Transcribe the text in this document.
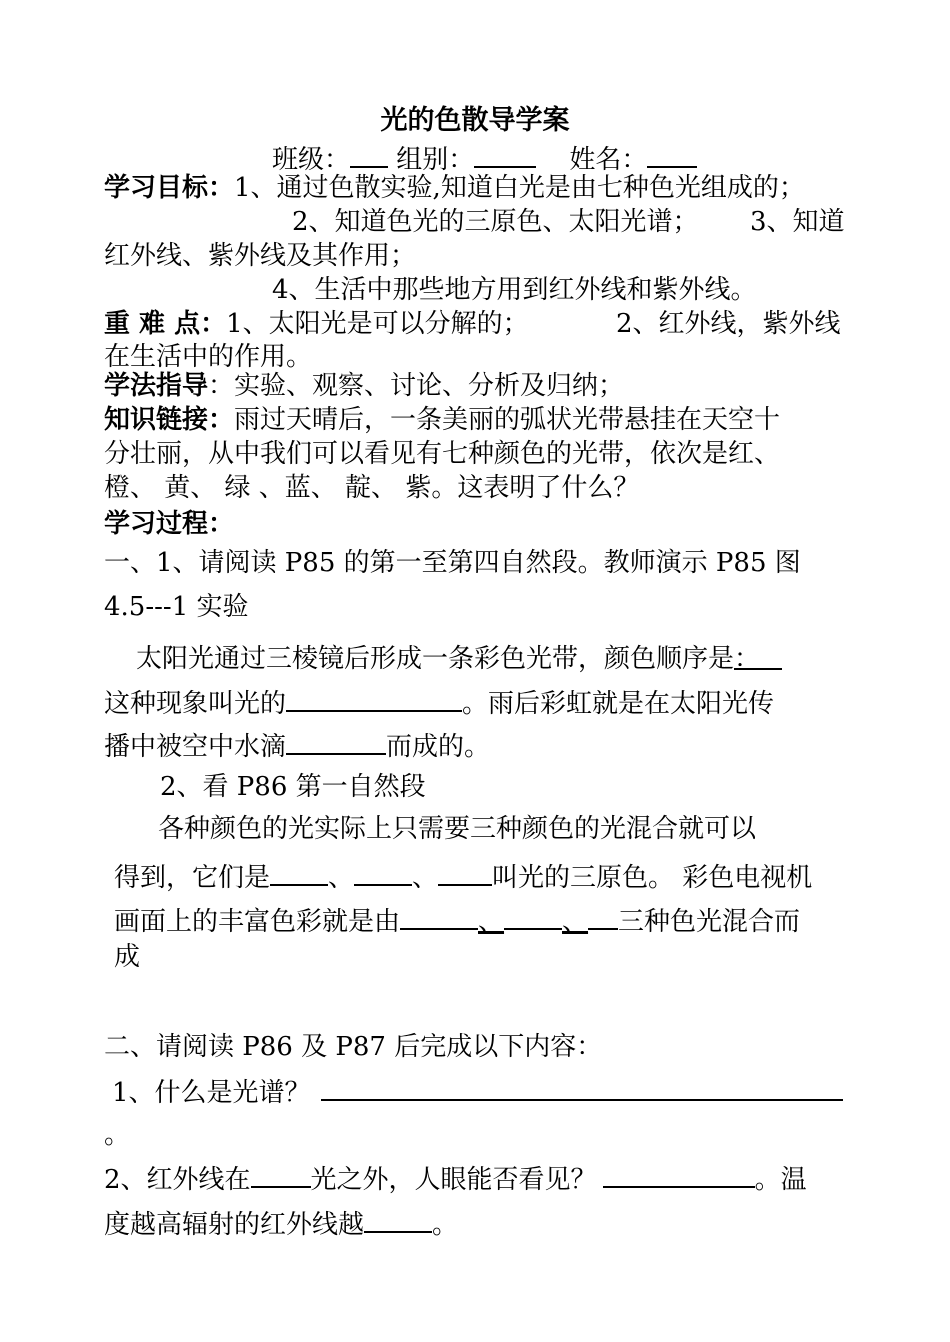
光的色散导学案
班级： 组别：	姓名：
学习目标：1、通过色散实验,知道白光是由七种色光组成的；
2、知道色光的三原色、太阳光谱； 3、知道
红外线、紫外线及其作用；
4、生活中那些地方用到红外线和紫外线。
重 难 点：1、太阳光是可以分解的；	2、红外线，紫外线
在生活中的作用。
学法指导：实验、观察、讨论、分析及归纳；
知识链接：雨过天晴后，一条美丽的弧状光带悬挂在天空十
分壮丽，从中我们可以看见有七种颜色的光带，依次是红、
橙、 黄、 绿 、蓝、 靛、 紫。这表明了什么？
学习过程：
一、1、请阅读 P85 的第一至第四自然段。教师演示 P85 图
4.5---1 实验
太阳光通过三棱镜后形成一条彩色光带，颜色顺序是：
这种现象叫光的	。雨后彩虹就是在太阳光传
播中被空中水滴	而成的。
2、看 P86 第一自然段
各种颜色的光实际上只需要三种颜色的光混合就可以
得到，它们是 、 、 叫光的三原色。 彩色电视机
画面上的丰富色彩就是由	、 、 三种色光混合而
成
二、请阅读 P86 及 P87 后完成以下内容：
1、什么是光谱？
。
2、红外线在 光之外，人眼能否看见？	。温
度越高辐射的红外线越	。
